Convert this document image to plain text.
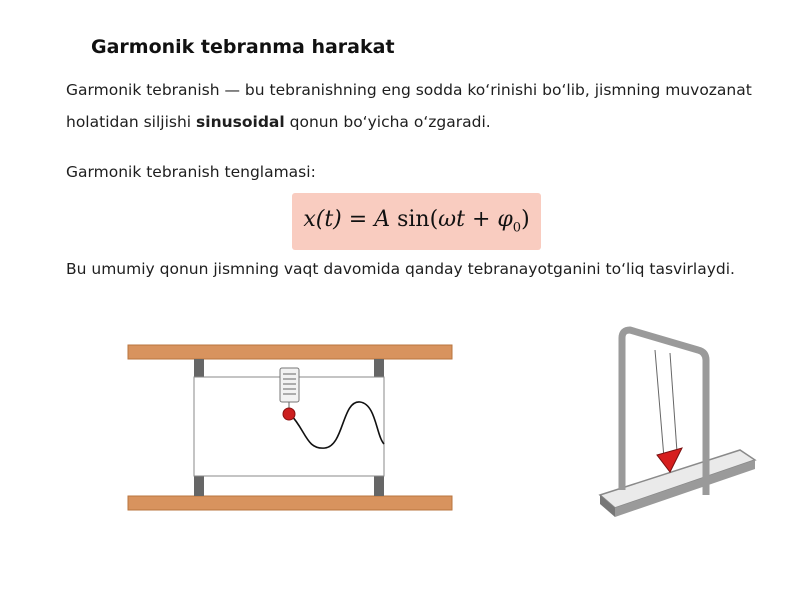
Garmonik tebranma harakat
Garmonik tebranish — bu tebranishning eng sodda ko‘rinishi bo‘lib, jismning muvozanat holatidan siljishi sinusoidal qonun bo‘yicha o‘zgaradi.
Garmonik tebranish tenglamasi:
x(t) = A $\sin(\omega t + \varphi_0)$
Bu umumiy qonun jismning vaqt davomida qanday tebranayotganini to‘liq tasvirlaydi.
